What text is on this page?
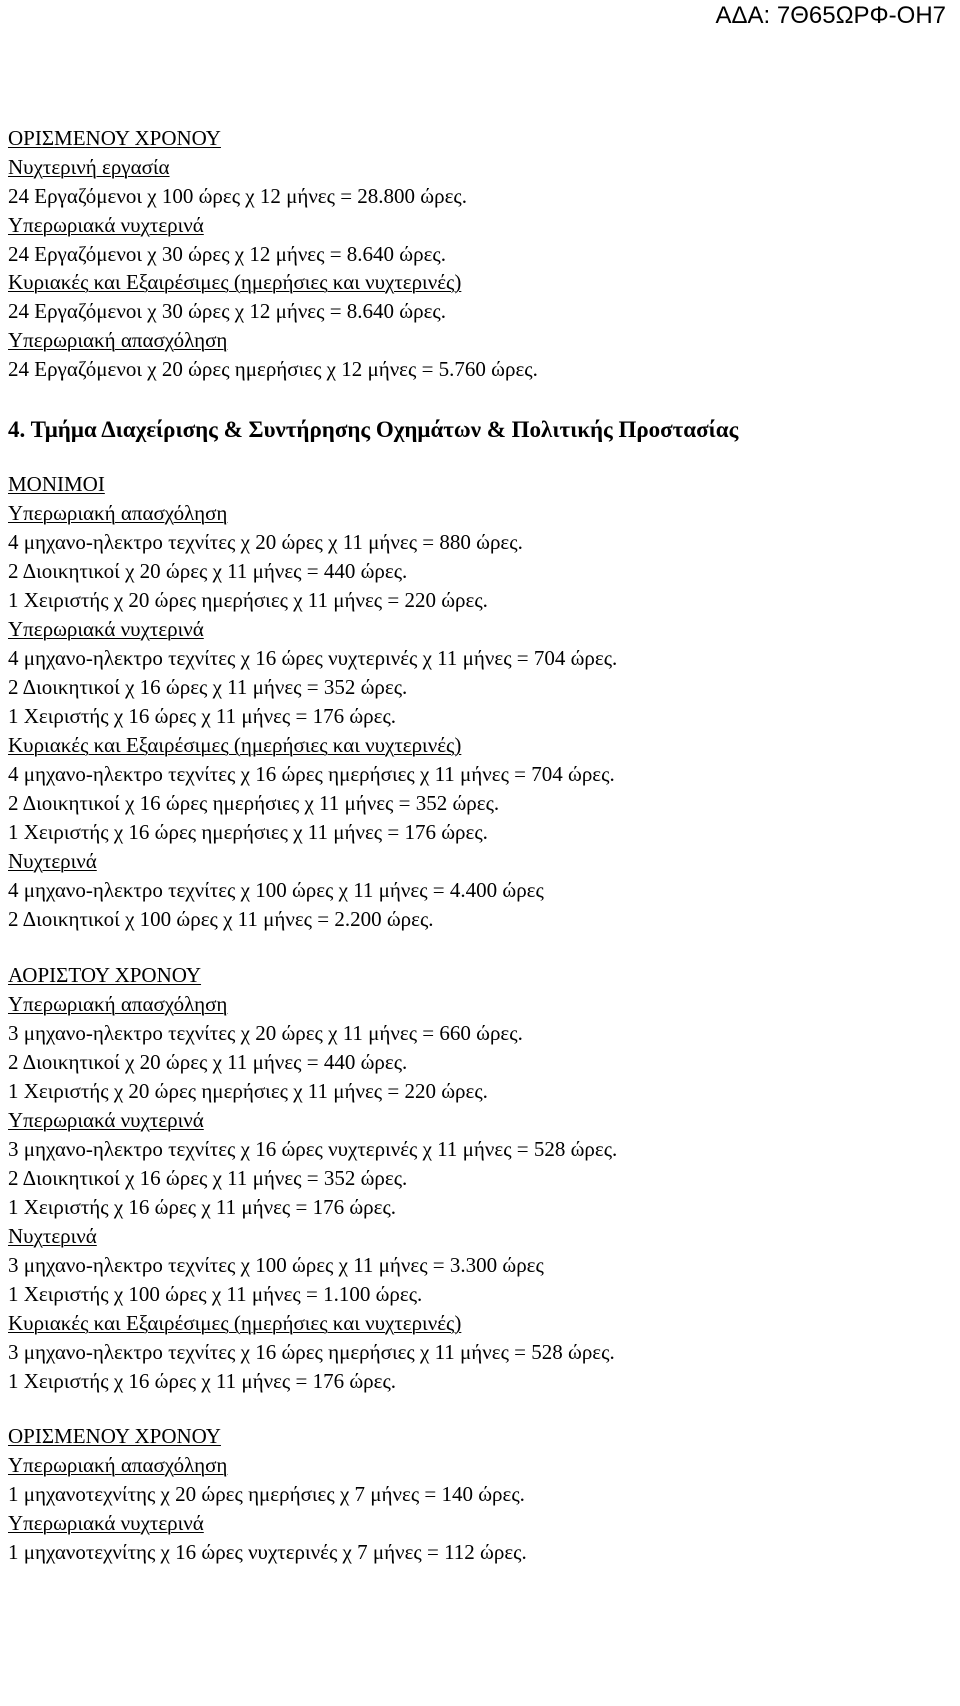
ΑΔΑ: 7Θ65ΩΡΦ-ΟΗ7
ΟΡΙΣΜΕΝΟΥ ΧΡΟΝΟΥ
Νυχτερινή εργασία
24 Εργαζόμενοι χ 100 ώρες χ 12 μήνες = 28.800 ώρες.
Υπερωριακά νυχτερινά
24 Εργαζόμενοι χ 30 ώρες χ 12 μήνες = 8.640 ώρες.
Κυριακές και Εξαιρέσιμες (ημερήσιες και νυχτερινές)
24 Εργαζόμενοι χ 30 ώρες χ 12 μήνες = 8.640 ώρες.
Υπερωριακή απασχόληση
24 Εργαζόμενοι χ 20 ώρες ημερήσιες χ 12 μήνες = 5.760 ώρες.
4. Τμήμα Διαχείρισης & Συντήρησης Οχημάτων & Πολιτικής Προστασίας
ΜΟΝΙΜΟΙ
Υπερωριακή απασχόληση
4 μηχανο-ηλεκτρο τεχνίτες χ 20 ώρες χ 11 μήνες = 880 ώρες.
2 Διοικητικοί χ 20 ώρες χ 11 μήνες = 440 ώρες.
1 Χειριστής χ 20 ώρες ημερήσιες χ 11 μήνες = 220 ώρες.
Υπερωριακά νυχτερινά
4 μηχανο-ηλεκτρο τεχνίτες χ 16 ώρες νυχτερινές χ 11 μήνες = 704 ώρες.
2 Διοικητικοί χ 16 ώρες χ 11 μήνες = 352 ώρες.
1 Χειριστής χ 16 ώρες χ 11 μήνες = 176 ώρες.
Κυριακές και Εξαιρέσιμες (ημερήσιες και νυχτερινές)
4 μηχανο-ηλεκτρο τεχνίτες χ 16 ώρες ημερήσιες χ 11 μήνες = 704 ώρες.
2 Διοικητικοί χ 16 ώρες ημερήσιες χ 11 μήνες = 352 ώρες.
1 Χειριστής χ 16 ώρες ημερήσιες χ 11 μήνες = 176 ώρες.
Νυχτερινά
4 μηχανο-ηλεκτρο τεχνίτες χ 100 ώρες χ 11 μήνες = 4.400 ώρες
2 Διοικητικοί χ 100 ώρες χ 11 μήνες = 2.200 ώρες.
ΑΟΡΙΣΤΟΥ ΧΡΟΝΟΥ
Υπερωριακή απασχόληση
3 μηχανο-ηλεκτρο τεχνίτες χ 20 ώρες χ 11 μήνες = 660 ώρες.
2 Διοικητικοί χ 20 ώρες χ 11 μήνες = 440 ώρες.
1 Χειριστής χ 20 ώρες ημερήσιες χ 11 μήνες = 220 ώρες.
Υπερωριακά νυχτερινά
3 μηχανο-ηλεκτρο τεχνίτες χ 16 ώρες νυχτερινές χ 11 μήνες = 528 ώρες.
2 Διοικητικοί χ 16 ώρες χ 11 μήνες = 352 ώρες.
1 Χειριστής χ 16 ώρες χ 11 μήνες = 176 ώρες.
Νυχτερινά
3 μηχανο-ηλεκτρο τεχνίτες χ 100 ώρες χ 11 μήνες = 3.300 ώρες
1 Χειριστής χ 100 ώρες χ 11 μήνες = 1.100 ώρες.
Κυριακές και Εξαιρέσιμες (ημερήσιες και νυχτερινές)
3 μηχανο-ηλεκτρο τεχνίτες χ 16 ώρες ημερήσιες χ 11 μήνες = 528 ώρες.
1 Χειριστής χ 16 ώρες χ 11 μήνες = 176 ώρες.
ΟΡΙΣΜΕΝΟΥ ΧΡΟΝΟΥ
Υπερωριακή απασχόληση
1 μηχανοτεχνίτης χ 20 ώρες ημερήσιες χ 7 μήνες = 140 ώρες.
Υπερωριακά νυχτερινά
1 μηχανοτεχνίτης χ 16 ώρες νυχτερινές χ 7 μήνες = 112 ώρες.
